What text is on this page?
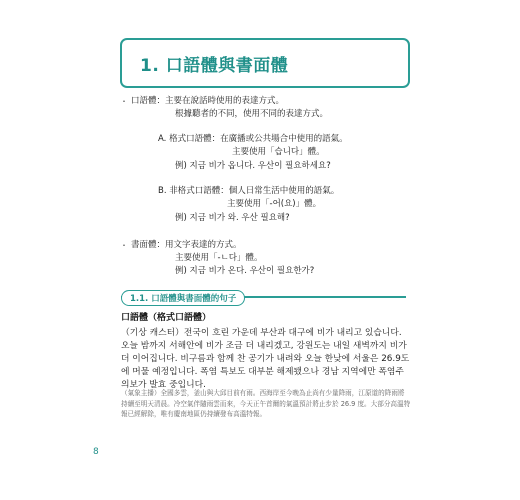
1. 口語體與書面體
・ 口語體：主要在說話時使用的表達方式。
根據聽者的不同，使用不同的表達方式。
A. 格式口語體：在廣播或公共場合中使用的語氣。
主要使用「습니다」體。
例) 지금 비가 옵니다. 우산이 필요하세요?
B. 非格式口語體：個人日常生活中使用的語氣。
主要使用「-어(요)」體。
例) 지금 비가 와. 우산 필요해?
・ 書面體：用文字表達的方式。
主要使用「-ㄴ다」體。
例) 지금 비가 온다. 우산이 필요한가?
1.1. 口語體與書面體的句子
口語體（格式口語體）
（기상 캐스터）전국이 흐린 가운데 부산과 대구에 비가 내리고 있습니다. 오늘 밤까지 서해안에 비가 조금 더 내리겠고, 강원도는 내일 새벽까지 비가 더 이어집니다. 비구름과 함께 찬 공기가 내려와 오늘 한낮에 서울은 26.9도에 머물 예정입니다. 폭염 특보도 대부분 해제됐으나 경남 지역에만 폭염주의보가 발효 중입니다.
（氣象主播）全國多雲，釜山與大邱目前有雨。西海岸至今晚為止尚有少量降雨，江原道的降雨將持續至明天清晨。冷空氣伴隨雨雲而來，今天正午首爾的氣溫預計將止步於 26.9 度。大部分高溫特報已經解除，唯有慶南地區仍持續發布高溫特報。
8
